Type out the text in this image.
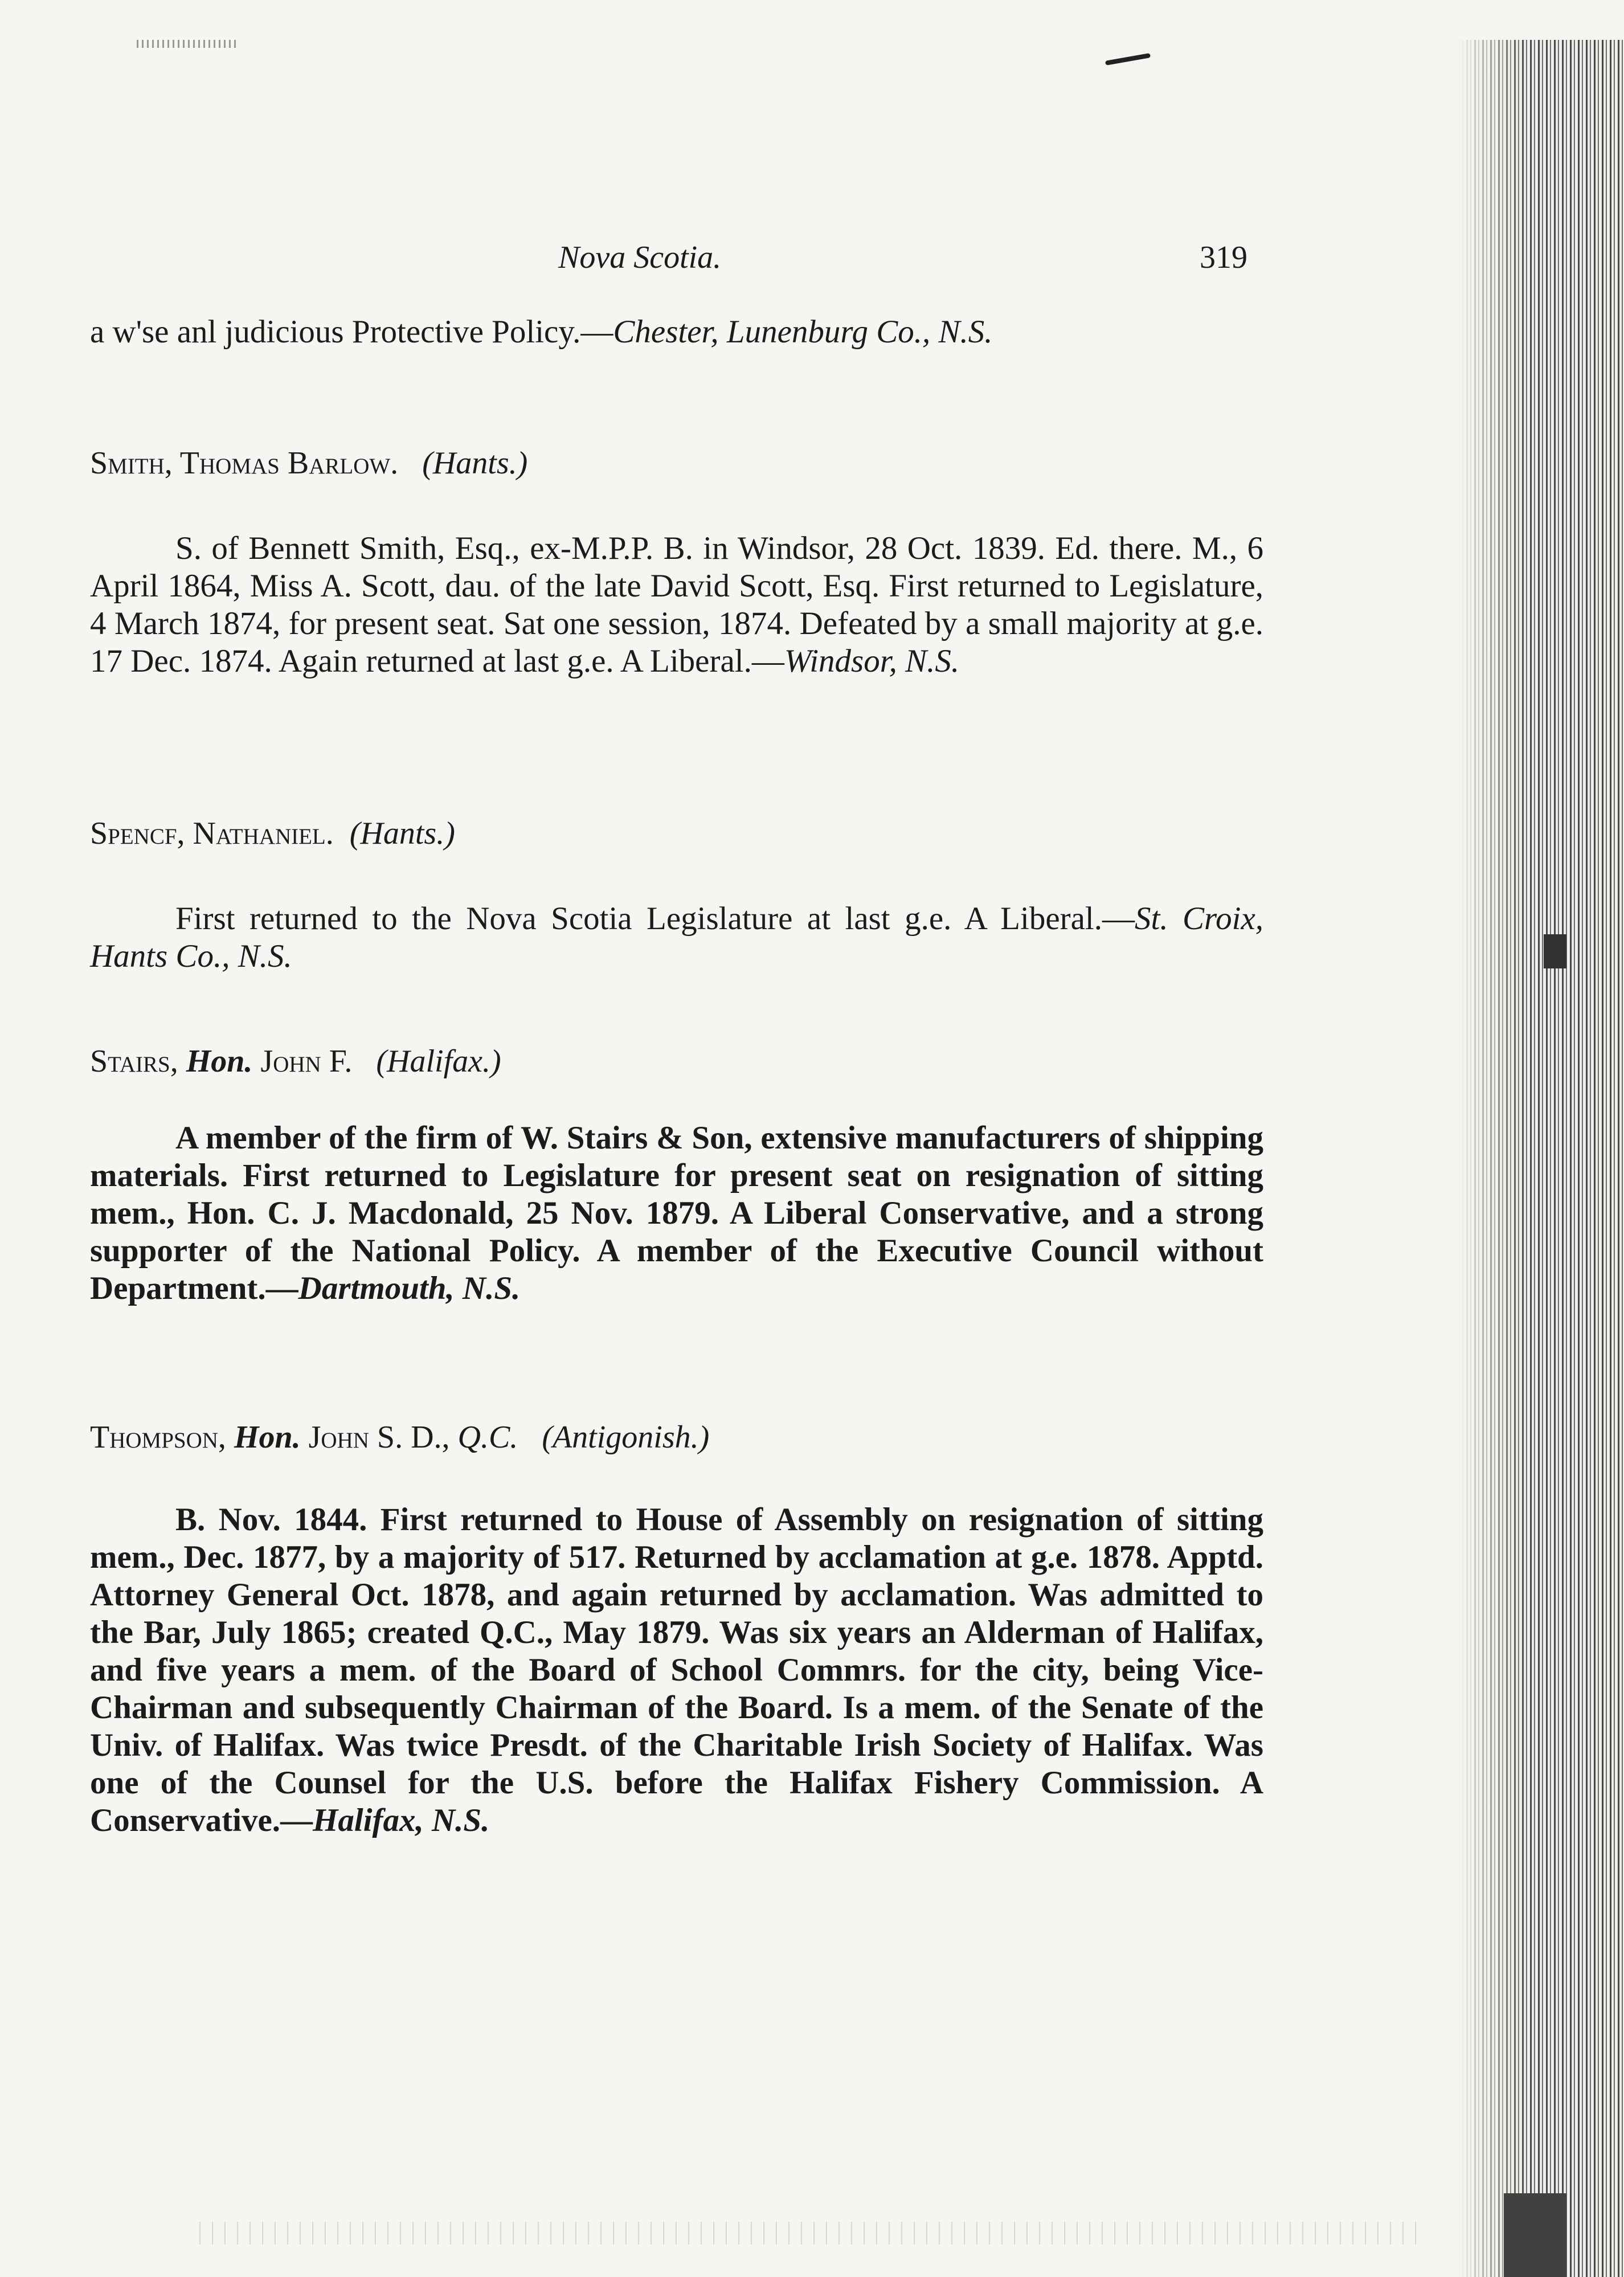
Nova Scotia.	319
a w'se anl judicious Protective Policy.—Chester, Lunenburg Co., N.S.
Smith, Thomas Barlow. (Hants.)
S. of Bennett Smith, Esq., ex-M.P.P. B. in Windsor, 28 Oct. 1839. Ed. there. M., 6 April 1864, Miss A. Scott, dau. of the late David Scott, Esq. First returned to Legislature, 4 March 1874, for present seat. Sat one session, 1874. Defeated by a small majority at g.e. 17 Dec. 1874. Again returned at last g.e. A Liberal.—Windsor, N.S.
Spencf, Nathaniel. (Hants.)
First returned to the Nova Scotia Legislature at last g.e. A Liberal.—St. Croix, Hants Co., N.S.
Stairs, Hon. John F. (Halifax.)
A member of the firm of W. Stairs & Son, extensive manufacturers of shipping materials. First returned to Legislature for present seat on resignation of sitting mem., Hon. C. J. Macdonald, 25 Nov. 1879. A Liberal Conservative, and a strong supporter of the National Policy. A member of the Executive Council without Department.—Dartmouth, N.S.
Thompson, Hon. John S. D., Q.C. (Antigonish.)
B. Nov. 1844. First returned to House of Assembly on resignation of sitting mem., Dec. 1877, by a majority of 517. Returned by acclamation at g.e. 1878. Apptd. Attorney General Oct. 1878, and again returned by acclamation. Was admitted to the Bar, July 1865; created Q.C., May 1879. Was six years an Alderman of Halifax, and five years a mem. of the Board of School Commrs. for the city, being Vice-Chairman and subsequently Chairman of the Board. Is a mem. of the Senate of the Univ. of Halifax. Was twice Presdt. of the Charitable Irish Society of Halifax. Was one of the Counsel for the U.S. before the Halifax Fishery Commission. A Conservative.—Halifax, N.S.
